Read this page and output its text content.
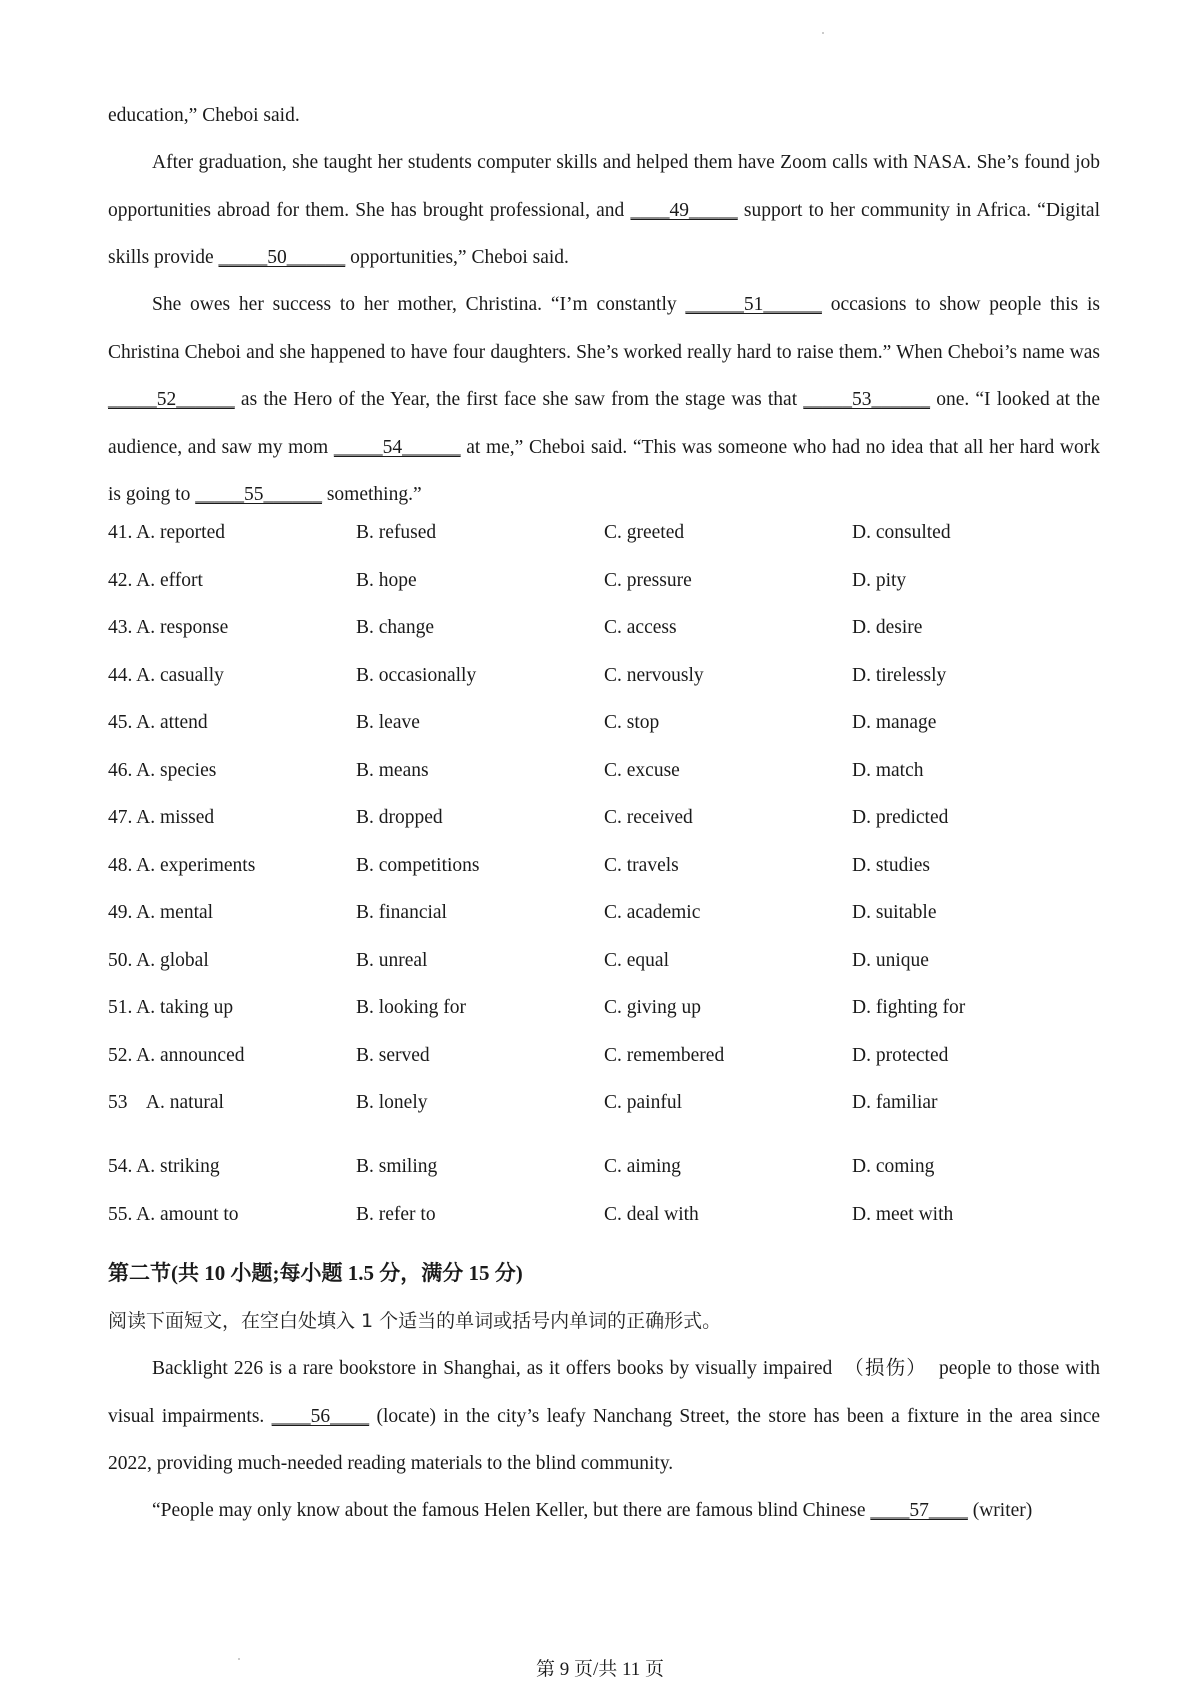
education,” Cheboi said.

After graduation, she taught her students computer skills and helped them have Zoom calls with NASA. She’s found job opportunities abroad for them. She has brought professional, and ____49_____ support to her community in Africa. “Digital skills provide _____50______ opportunities,” Cheboi said.

She owes her success to her mother, Christina. “I’m constantly ______51______ occasions to show people this is Christina Cheboi and she happened to have four daughters. She’s worked really hard to raise them.” When Cheboi’s name was _____52______ as the Hero of the Year, the first face she saw from the stage was that _____53______ one. “I looked at the audience, and saw my mom _____54______ at me,” Cheboi said. “This was someone who had no idea that all her hard work is going to _____55______ something.”

41. A. reported	B. refused	C. greeted	D. consulted
42. A. effort	B. hope	C. pressure	D. pity
43. A. response	B. change	C. access	D. desire
44. A. casually	B. occasionally	C. nervously	D. tirelessly
45. A. attend	B. leave	C. stop	D. manage
46. A. species	B. means	C. excuse	D. match
47. A. missed	B. dropped	C. received	D. predicted
48. A. experiments	B. competitions	C. travels	D. studies
49. A. mental	B. financial	C. academic	D. suitable
50. A. global	B. unreal	C. equal	D. unique
51. A. taking up	B. looking for	C. giving up	D. fighting for
52. A. announced	B. served	C. remembered	D. protected
53    A. natural	B. lonely	C. painful	D. familiar
54. A. striking	B. smiling	C. aiming	D. coming
55. A. amount to	B. refer to	C. deal with	D. meet with
第二节(共 10 小题;每小题 1.5 分，满分 15 分)
阅读下面短文，在空白处填入 1 个适当的单词或括号内单词的正确形式。

Backlight 226 is a rare bookstore in Shanghai, as it offers books by visually impaired  （损伤）  people to those with visual impairments. ____56____ (locate) in the city’s leafy Nanchang Street, the store has been a fixture in the area since 2022, providing much-needed reading materials to the blind community.

“People may only know about the famous Helen Keller, but there are famous blind Chinese ____57____ (writer)

第 9 页/共 11 页
